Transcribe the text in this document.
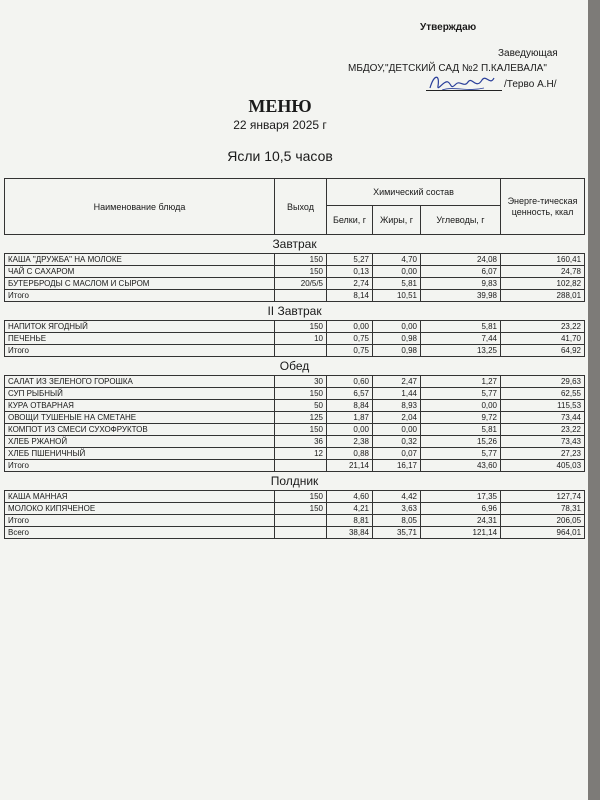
Утверждаю
Заведующая
МБДОУ,"ДЕТСКИЙ САД №2 П.КАЛЕВАЛА"
/Тервo А.Н/
МЕНЮ
22 января 2025 г
Ясли 10,5 часов
Наименование блюда	Выход	Химический состав			Энерге-тическая ценность, ккал
		Белки, г	Жиры, г	Углеводы, г	
Завтрак					
КАША "ДРУЖБА" НА МОЛОКЕ	150	5,27	4,70	24,08	160,41
ЧАЙ С САХАРОМ	150	0,13	0,00	6,07	24,78
БУТЕРБРОДЫ С МАСЛОМ И СЫРОМ	20/5/5	2,74	5,81	9,83	102,82
Итого		8,14	10,51	39,98	288,01
II Завтрак					
НАПИТОК ЯГОДНЫЙ	150	0,00	0,00	5,81	23,22
ПЕЧЕНЬЕ	10	0,75	0,98	7,44	41,70
Итого		0,75	0,98	13,25	64,92
Обед					
САЛАТ ИЗ ЗЕЛЕНОГО ГОРОШКА	30	0,60	2,47	1,27	29,63
СУП РЫБНЫЙ	150	6,57	1,44	5,77	62,55
КУРА ОТВАРНАЯ	50	8,84	8,93	0,00	115,53
ОВОЩИ ТУШЕНЫЕ НА СМЕТАНЕ	125	1,87	2,04	9,72	73,44
КОМПОТ ИЗ СМЕСИ СУХОФРУКТОВ	150	0,00	0,00	5,81	23,22
ХЛЕБ РЖАНОЙ	36	2,38	0,32	15,26	73,43
ХЛЕБ ПШЕНИЧНЫЙ	12	0,88	0,07	5,77	27,23
Итого		21,14	16,17	43,60	405,03
Полдник					
КАША МАННАЯ	150	4,60	4,42	17,35	127,74
МОЛОКО КИПЯЧЕНОЕ	150	4,21	3,63	6,96	78,31
Итого		8,81	8,05	24,31	206,05
Всего		38,84	35,71	121,14	964,01
